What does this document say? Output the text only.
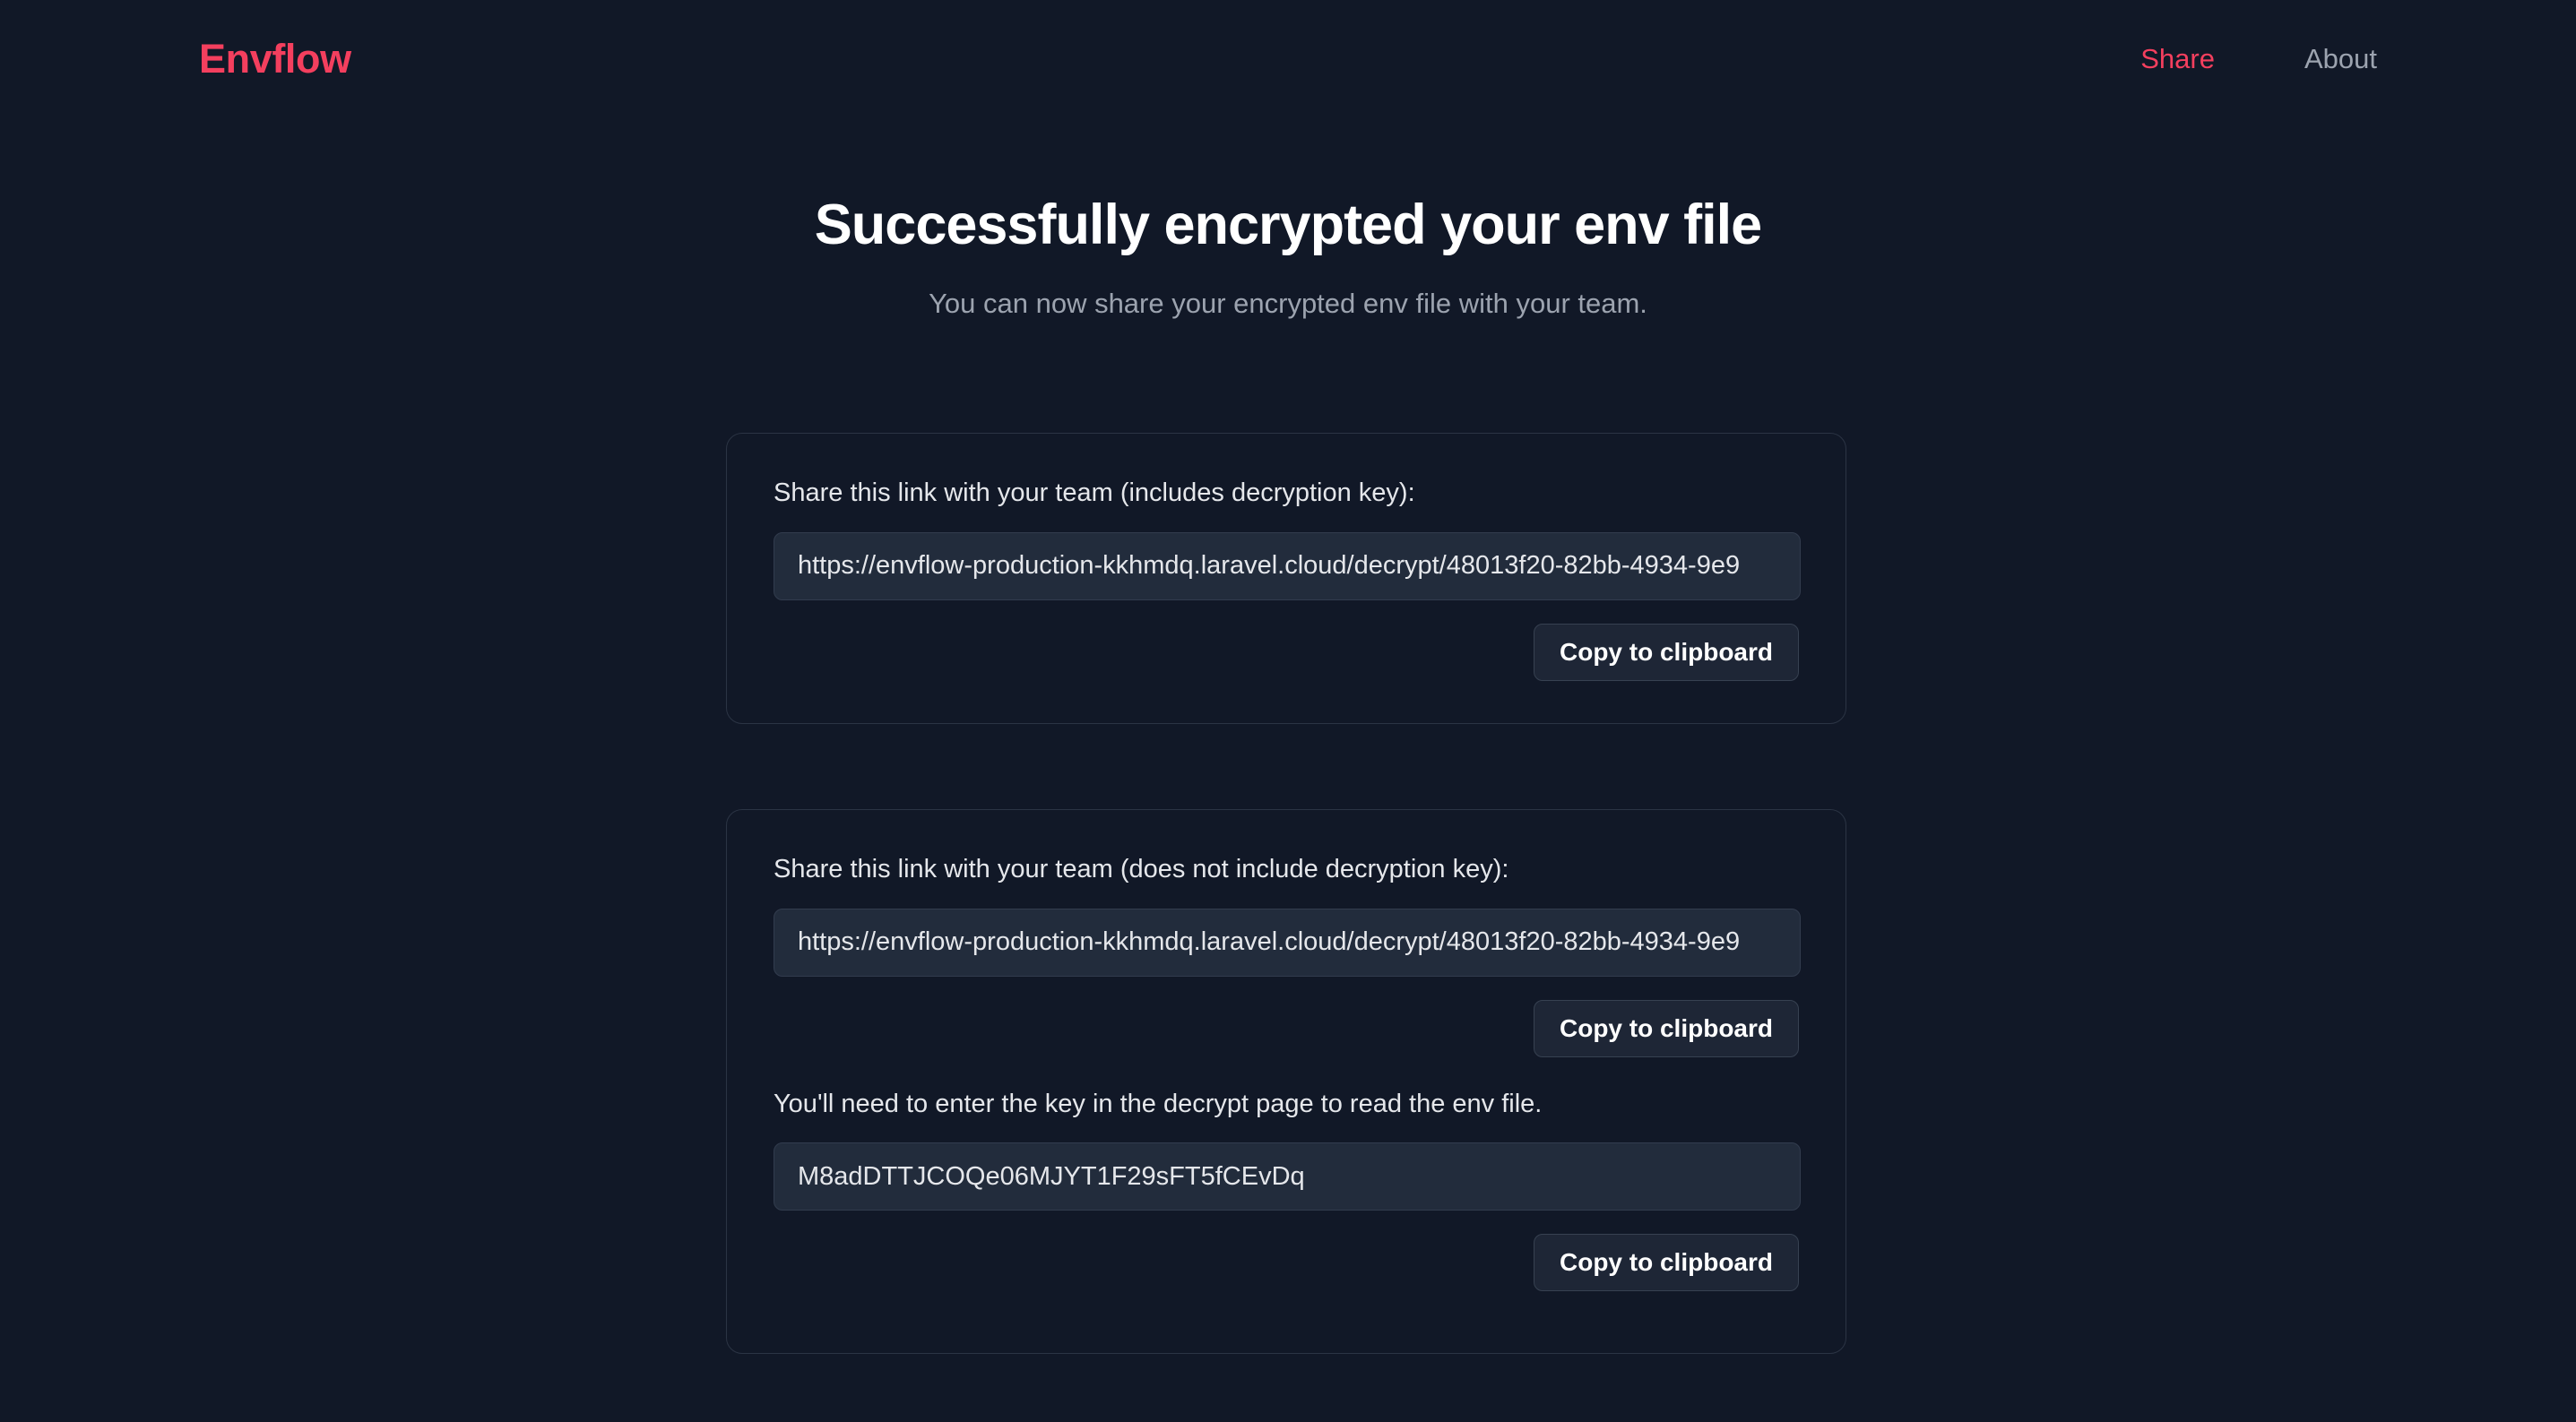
Envflow	Share	About
Successfully encrypted your env file

You can now share your encrypted env file with your team.

Share this link with your team (includes decryption key):
https://envflow-production-kkhmdq.laravel.cloud/decrypt/48013f20-82bb-4934-9e9
Copy to clipboard
Share this link with your team (does not include decryption key):
https://envflow-production-kkhmdq.laravel.cloud/decrypt/48013f20-82bb-4934-9e9
Copy to clipboard
You'll need to enter the key in the decrypt page to read the env file.
M8adDTTJCOQe06MJYT1F29sFT5fCEvDq
Copy to clipboard
